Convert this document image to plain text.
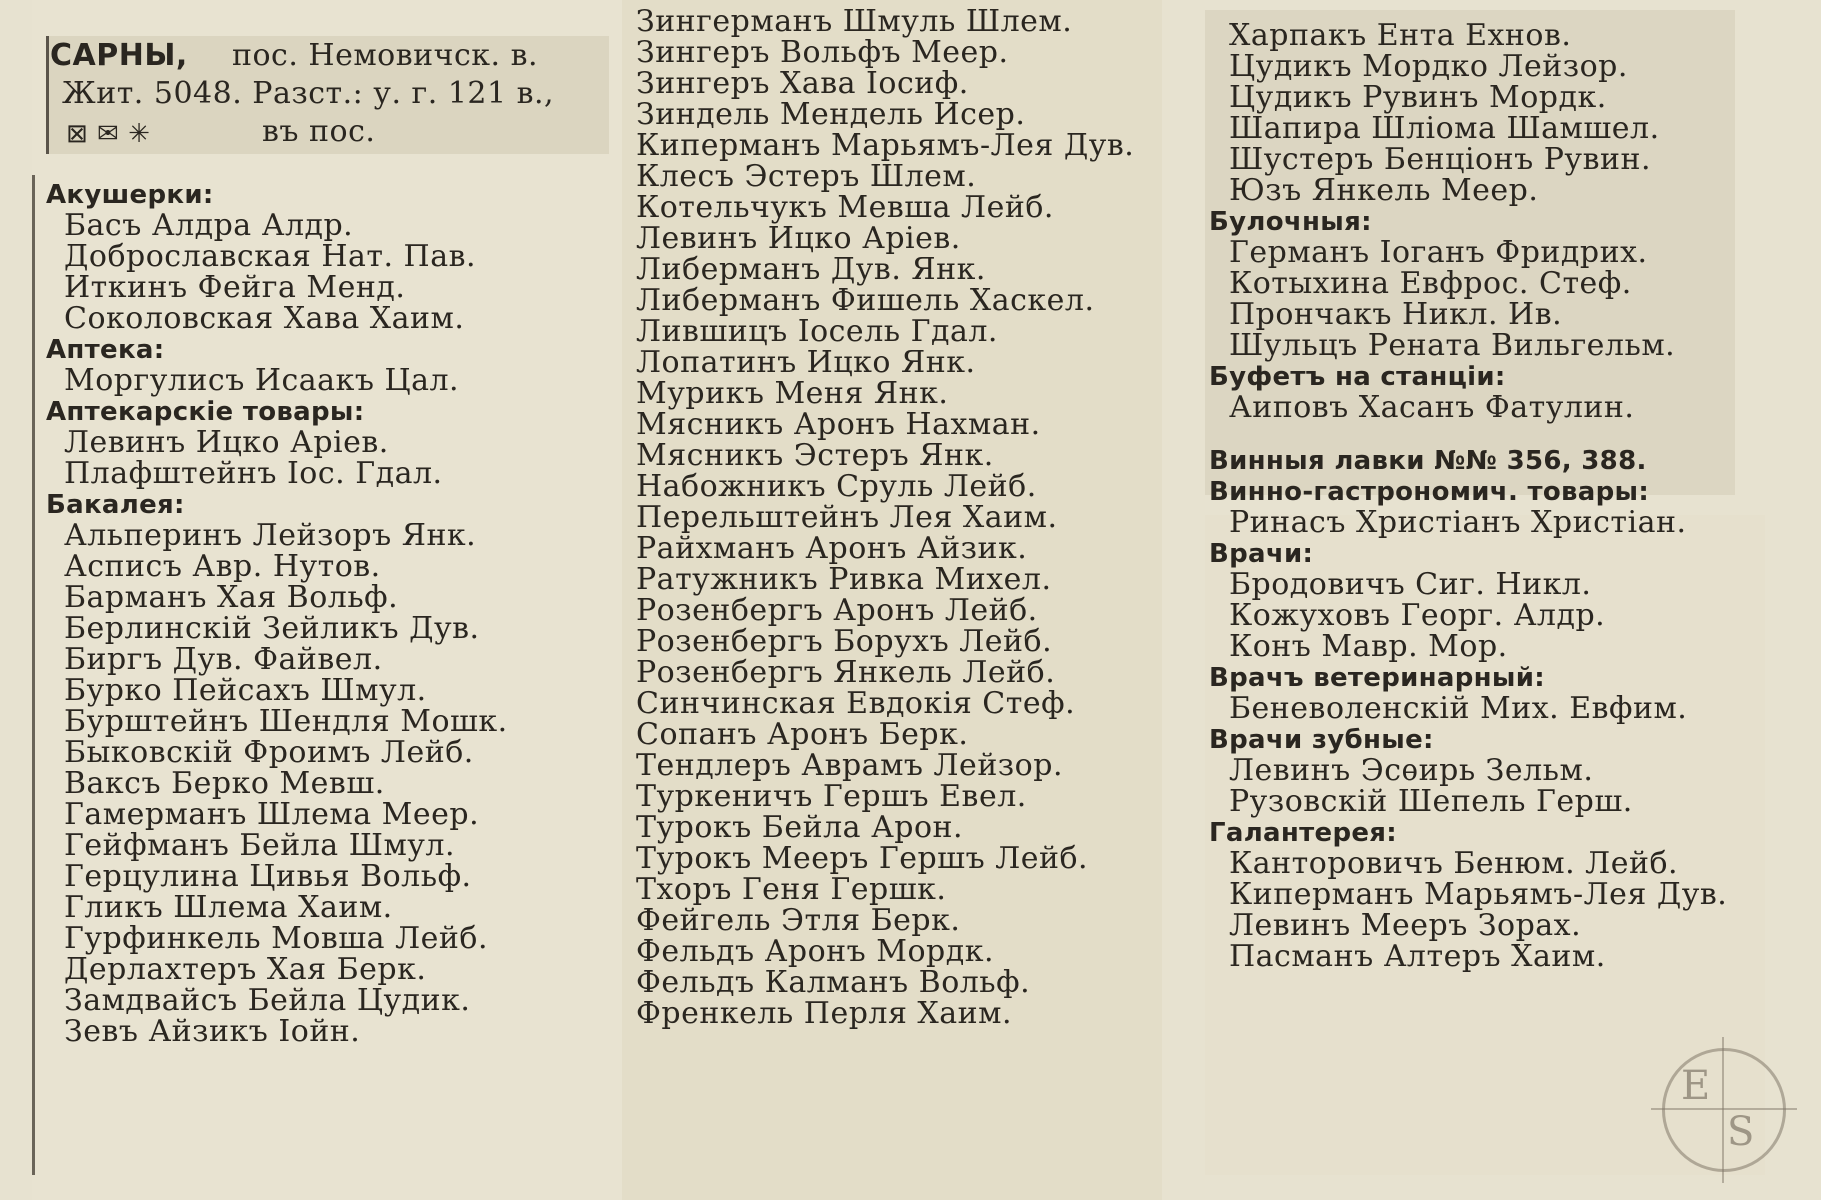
САРНЫ, пос. Немовичск. в.
Жит. 5048. Разст.: у. г. 121 в.,
⊠ ✉ ✳	въ пос.
Акушерки:
Басъ Алдра Алдр.
Доброславская Нат. Пав.
Иткинъ Фейга Менд.
Соколовская Хава Хаим.
Аптека:
Моргулисъ Исаакъ Цал.
Аптекарскіе товары:
Левинъ Ицко Аріев.
Плафштейнъ Іос. Гдал.
Бакалея:
Альперинъ Лейзоръ Янк.
Асписъ Авр. Нутов.
Барманъ Хая Вольф.
Берлинскій Зейликъ Дув.
Биргъ Дув. Файвел.
Бурко Пейсахъ Шмул.
Бурштейнъ Шендля Мошк.
Быковскій Фроимъ Лейб.
Ваксъ Берко Мевш.
Гамерманъ Шлема Меер.
Гейфманъ Бейла Шмул.
Герцулина Цивья Вольф.
Гликъ Шлема Хаим.
Гурфинкель Мовша Лейб.
Дерлахтеръ Хая Берк.
Замдвайсъ Бейла Цудик.
Зевъ Айзикъ Іойн.
Зингерманъ Шмуль Шлем.
Зингеръ Вольфъ Меер.
Зингеръ Хава Іосиф.
Зиндель Мендель Исер.
Киперманъ Марьямъ-Лея Дув.
Клесъ Эстеръ Шлем.
Котельчукъ Мевша Лейб.
Левинъ Ицко Аріев.
Либерманъ Дув. Янк.
Либерманъ Фишель Хаскел.
Лившицъ Іосель Гдал.
Лопатинъ Ицко Янк.
Мурикъ Меня Янк.
Мясникъ Аронъ Нахман.
Мясникъ Эстеръ Янк.
Набожникъ Сруль Лейб.
Перельштейнъ Лея Хаим.
Райхманъ Аронъ Айзик.
Ратужникъ Ривка Михел.
Розенбергъ Аронъ Лейб.
Розенбергъ Борухъ Лейб.
Розенбергъ Янкель Лейб.
Синчинская Евдокія Стеф.
Сопанъ Аронъ Берк.
Тендлеръ Аврамъ Лейзор.
Туркеничъ Гершъ Евел.
Турокъ Бейла Арон.
Турокъ Мееръ Гершъ Лейб.
Тхоръ Геня Гершк.
Фейгель Этля Берк.
Фельдъ Аронъ Мордк.
Фельдъ Калманъ Вольф.
Френкель Перля Хаим.
Харпакъ Ента Ехнов.
Цудикъ Мордко Лейзор.
Цудикъ Рувинъ Мордк.
Шапира Шліома Шамшел.
Шустеръ Бенціонъ Рувин.
Юзъ Янкель Меер.
Булочныя:
Германъ Іоганъ Фридрих.
Котыхина Евфрос. Стеф.
Прончакъ Никл. Ив.
Шульцъ Рената Вильгельм.
Буфетъ на станціи:
Аиповъ Хасанъ Фатулин.
Винныя лавки №№ 356, 388.
Винно-гастрономич. товары:
Ринасъ Христіанъ Христіан.
Врачи:
Бродовичъ Сиг. Никл.
Кожуховъ Георг. Алдр.
Конъ Мавр. Мор.
Врачъ ветеринарный:
Беневоленскій Мих. Евфим.
Врачи зубные:
Левинъ Эсѳирь Зельм.
Рузовскій Шепель Герш.
Галантерея:
Канторовичъ Бенюм. Лейб.
Киперманъ Марьямъ-Лея Дув.
Левинъ Мееръ Зорах.
Пасманъ Алтеръ Хаим.
E
S
